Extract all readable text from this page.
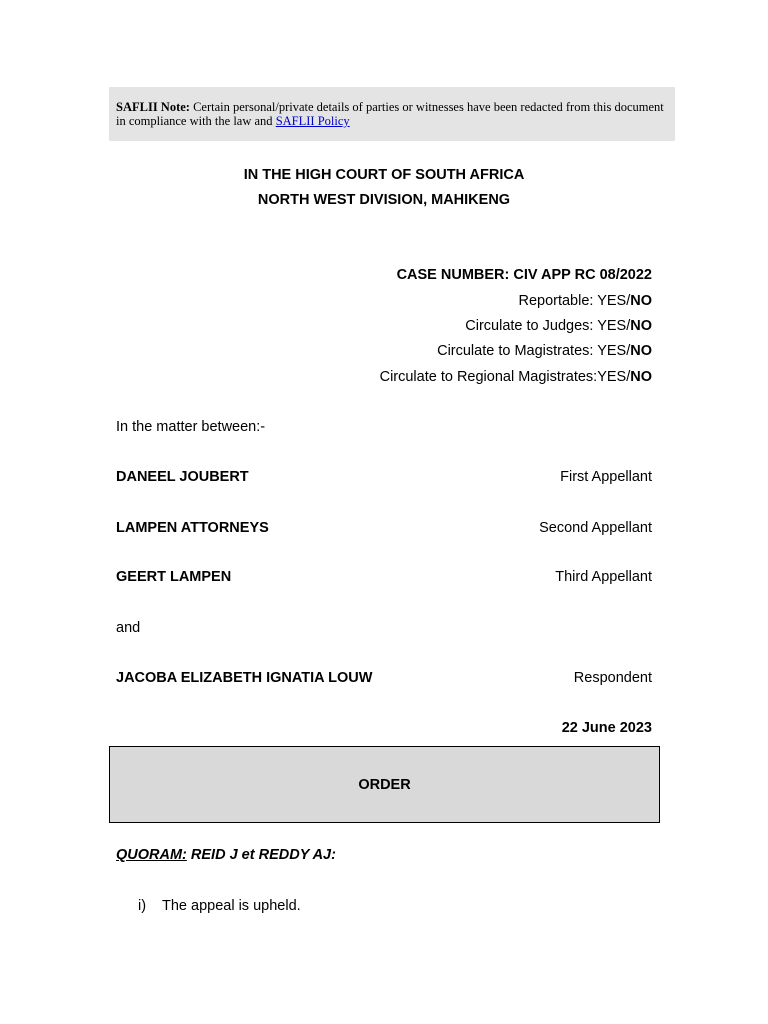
SAFLII Note: Certain personal/private details of parties or witnesses have been redacted from this document in compliance with the law and SAFLII Policy
IN THE HIGH COURT OF SOUTH AFRICA
NORTH WEST DIVISION, MAHIKENG
CASE NUMBER: CIV APP RC 08/2022
Reportable: YES/NO
Circulate to Judges: YES/NO
Circulate to Magistrates: YES/NO
Circulate to Regional Magistrates:YES/NO
In the matter between:-
DANEEL JOUBERT	First Appellant
LAMPEN ATTORNEYS	Second Appellant
GEERT LAMPEN	Third Appellant
and
JACOBA ELIZABETH IGNATIA LOUW	Respondent
22 June 2023
ORDER
QUORAM: REID J et REDDY AJ:
i) The appeal is upheld.
